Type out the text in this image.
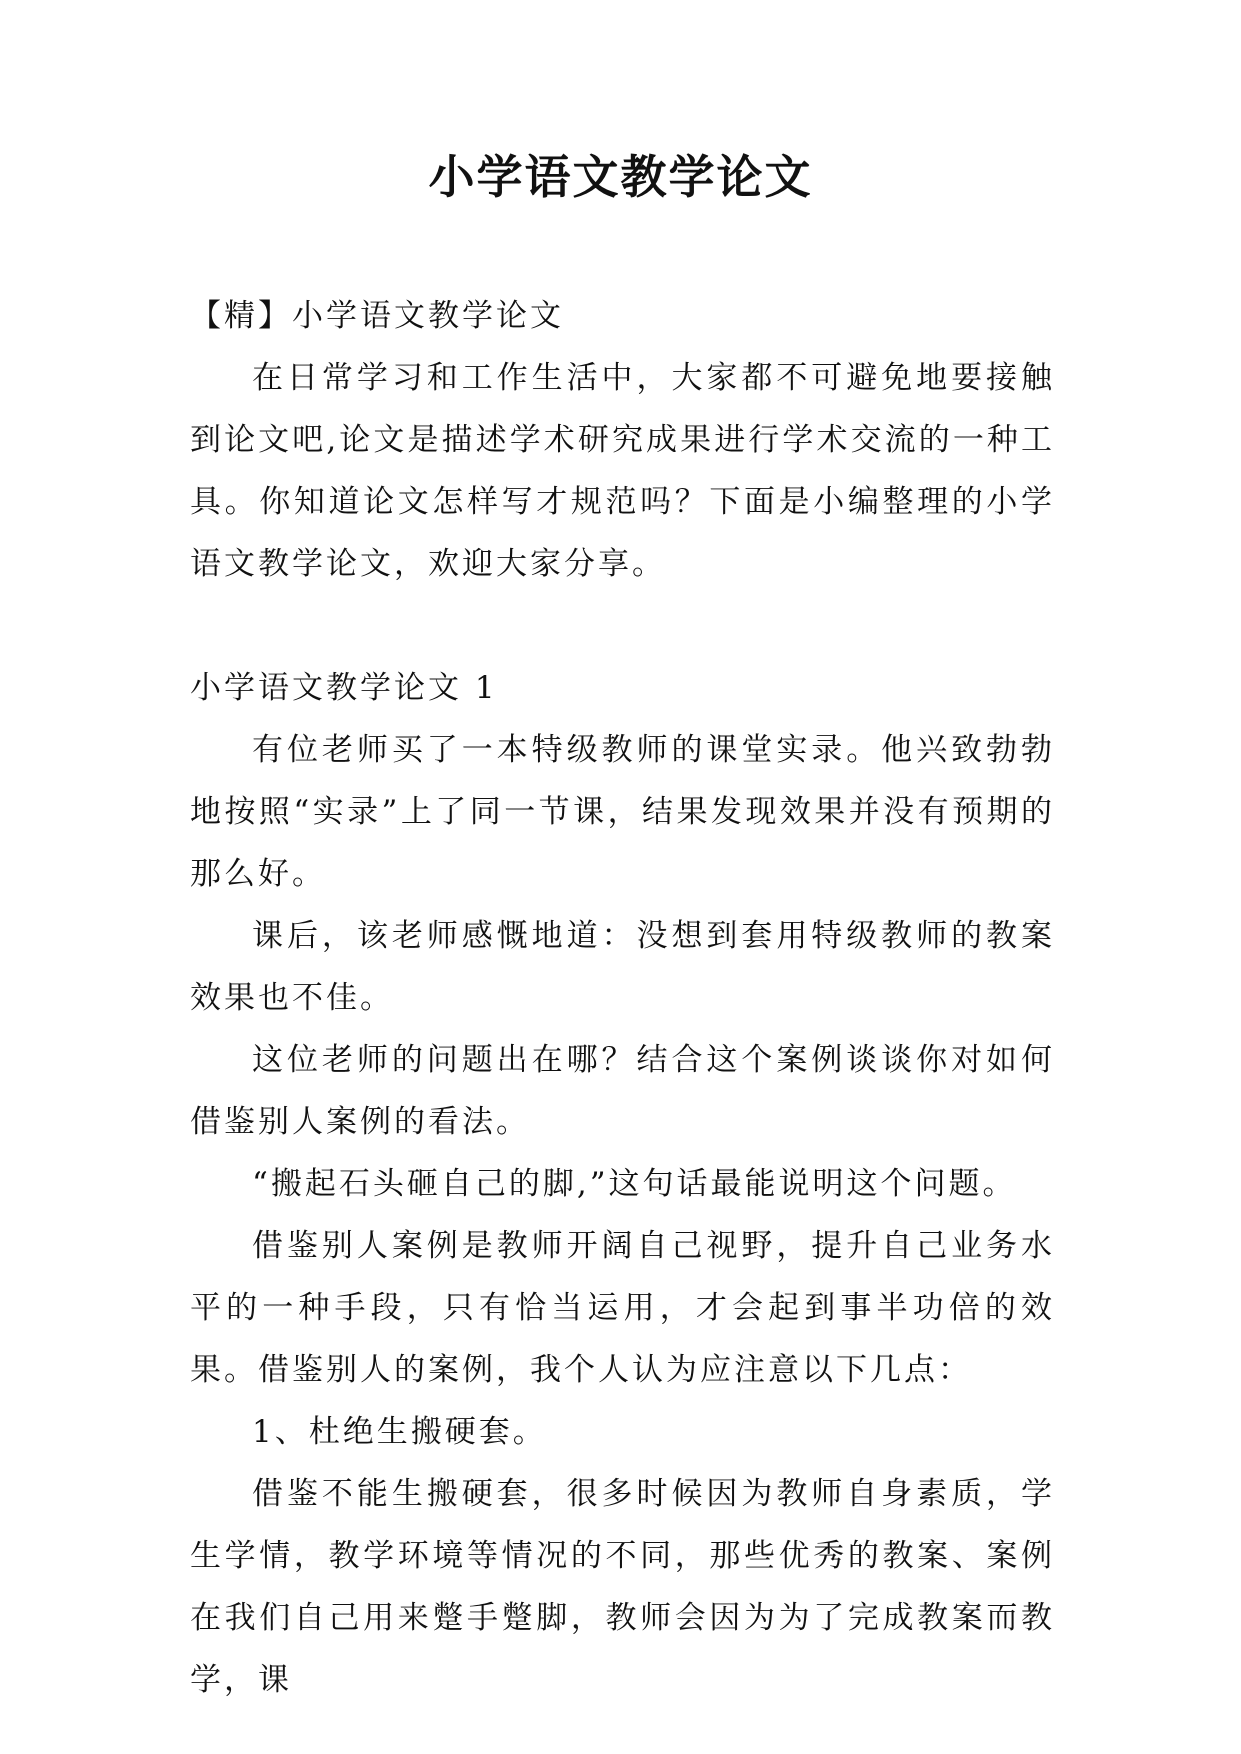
小学语文教学论文

【精】小学语文教学论文

在日常学习和工作生活中，大家都不可避免地要接触到论文吧,论文是描述学术研究成果进行学术交流的一种工具。你知道论文怎样写才规范吗？下面是小编整理的小学语文教学论文，欢迎大家分享。

小学语文教学论文 1

有位老师买了一本特级教师的课堂实录。他兴致勃勃地按照“实录”上了同一节课，结果发现效果并没有预期的那么好。

课后，该老师感慨地道：没想到套用特级教师的教案效果也不佳。

这位老师的问题出在哪？结合这个案例谈谈你对如何借鉴别人案例的看法。

“搬起石头砸自己的脚,”这句话最能说明这个问题。

借鉴别人案例是教师开阔自己视野，提升自己业务水平的一种手段，只有恰当运用，才会起到事半功倍的效果。借鉴别人的案例，我个人认为应注意以下几点：

1、杜绝生搬硬套。

借鉴不能生搬硬套，很多时候因为教师自身素质，学生学情，教学环境等情况的不同，那些优秀的教案、案例在我们自己用来蹩手蹩脚，教师会因为为了完成教案而教学，课
